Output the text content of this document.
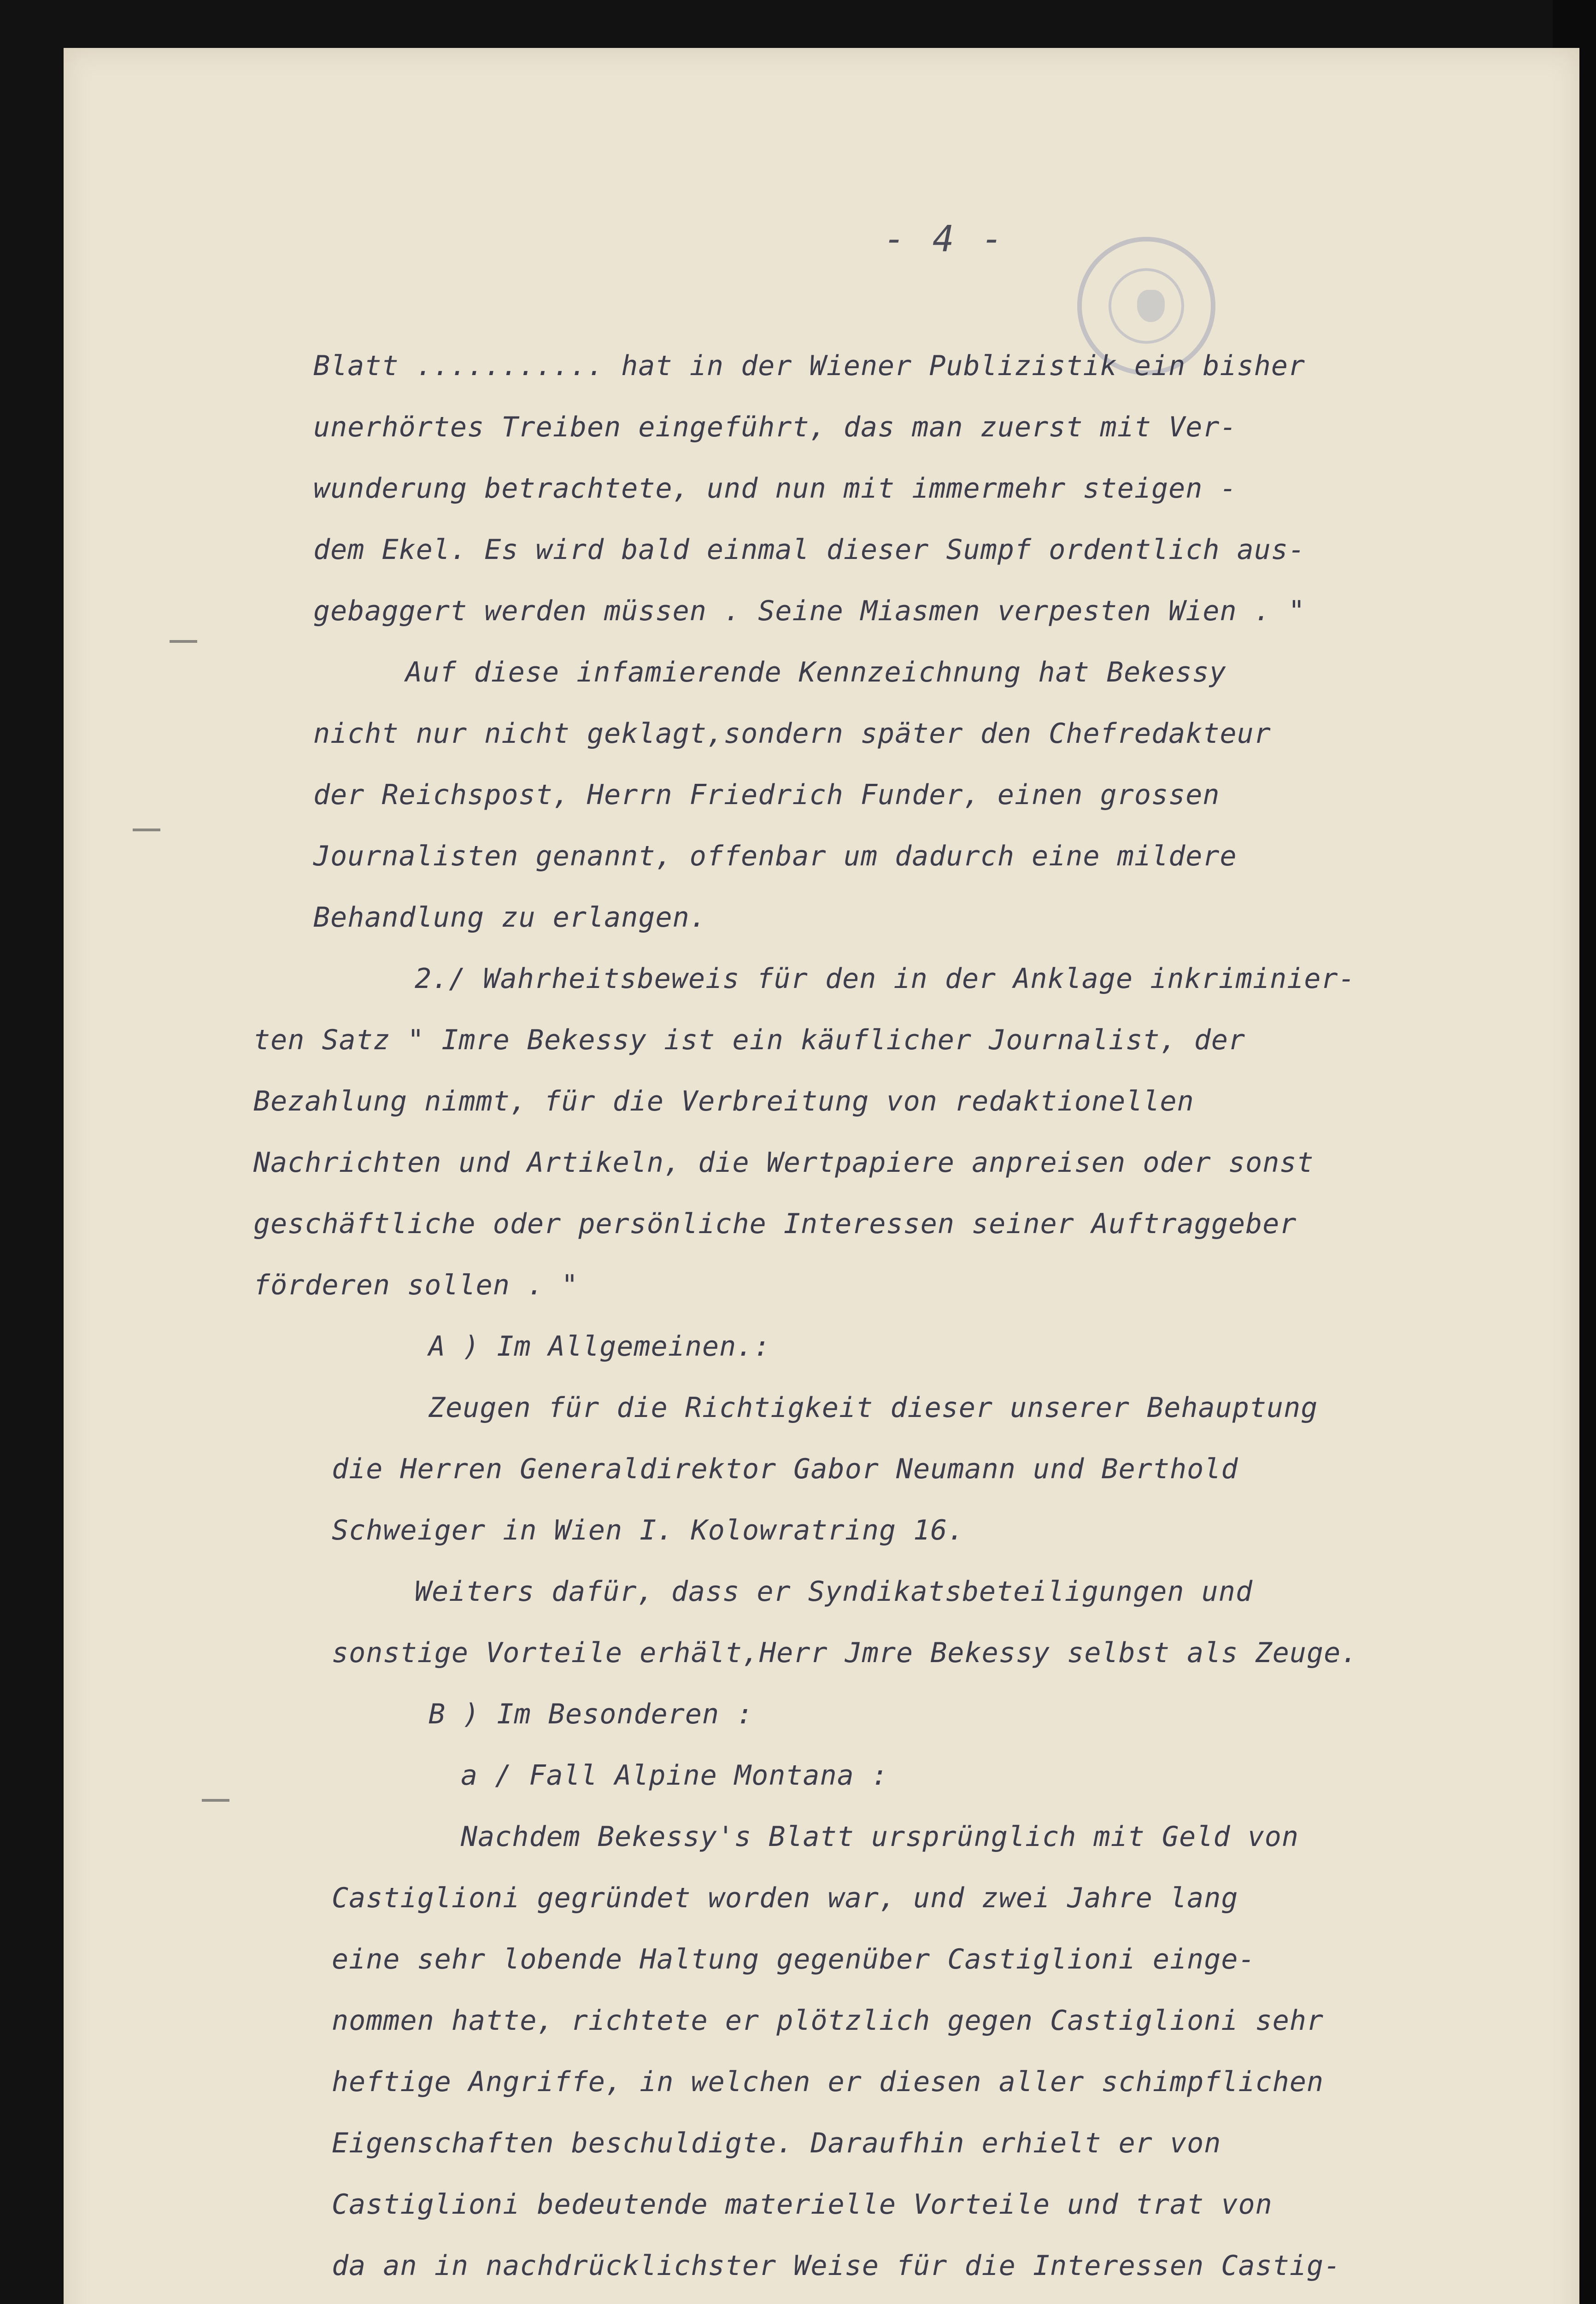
- 4 -

Blatt ........... hat in der Wiener Publizistik ein bisher

unerhörtes Treiben eingeführt, das man zuerst mit Ver-

wunderung betrachtete, und nun mit immermehr steigen -

dem Ekel. Es wird bald einmal dieser Sumpf ordentlich aus-

gebaggert werden müssen . Seine Miasmen verpesten Wien . "

Auf diese infamierende Kennzeichnung hat Bekessy

nicht nur nicht geklagt,sondern später den Chefredakteur

der Reichspost, Herrn Friedrich Funder, einen grossen

Journalisten genannt, offenbar um dadurch eine mildere

Behandlung zu erlangen.

2./ Wahrheitsbeweis für den in der Anklage inkriminier-

ten Satz " Imre Bekessy ist ein käuflicher Journalist, der

Bezahlung nimmt, für die Verbreitung von redaktionellen

Nachrichten und Artikeln, die Wertpapiere anpreisen oder sonst

geschäftliche oder persönliche Interessen seiner Auftraggeber

förderen sollen . "

A ) Im Allgemeinen.:

Zeugen für die Richtigkeit dieser unserer Behauptung

die Herren Generaldirektor Gabor Neumann und Berthold

Schweiger in Wien I. Kolowratring 16.

Weiters dafür, dass er Syndikatsbeteiligungen und

sonstige Vorteile erhält,Herr Jmre Bekessy selbst als Zeuge.

B ) Im Besonderen :

a / Fall Alpine Montana :

Nachdem Bekessy's Blatt ursprünglich mit Geld von

Castiglioni gegründet worden war, und zwei Jahre lang

eine sehr lobende Haltung gegenüber Castiglioni einge-

nommen hatte, richtete er plötzlich gegen Castiglioni sehr

heftige Angriffe, in welchen er diesen aller schimpflichen

Eigenschaften beschuldigte. Daraufhin erhielt er von

Castiglioni bedeutende materielle Vorteile und trat von

da an in nachdrücklichster Weise für die Interessen Castig-
